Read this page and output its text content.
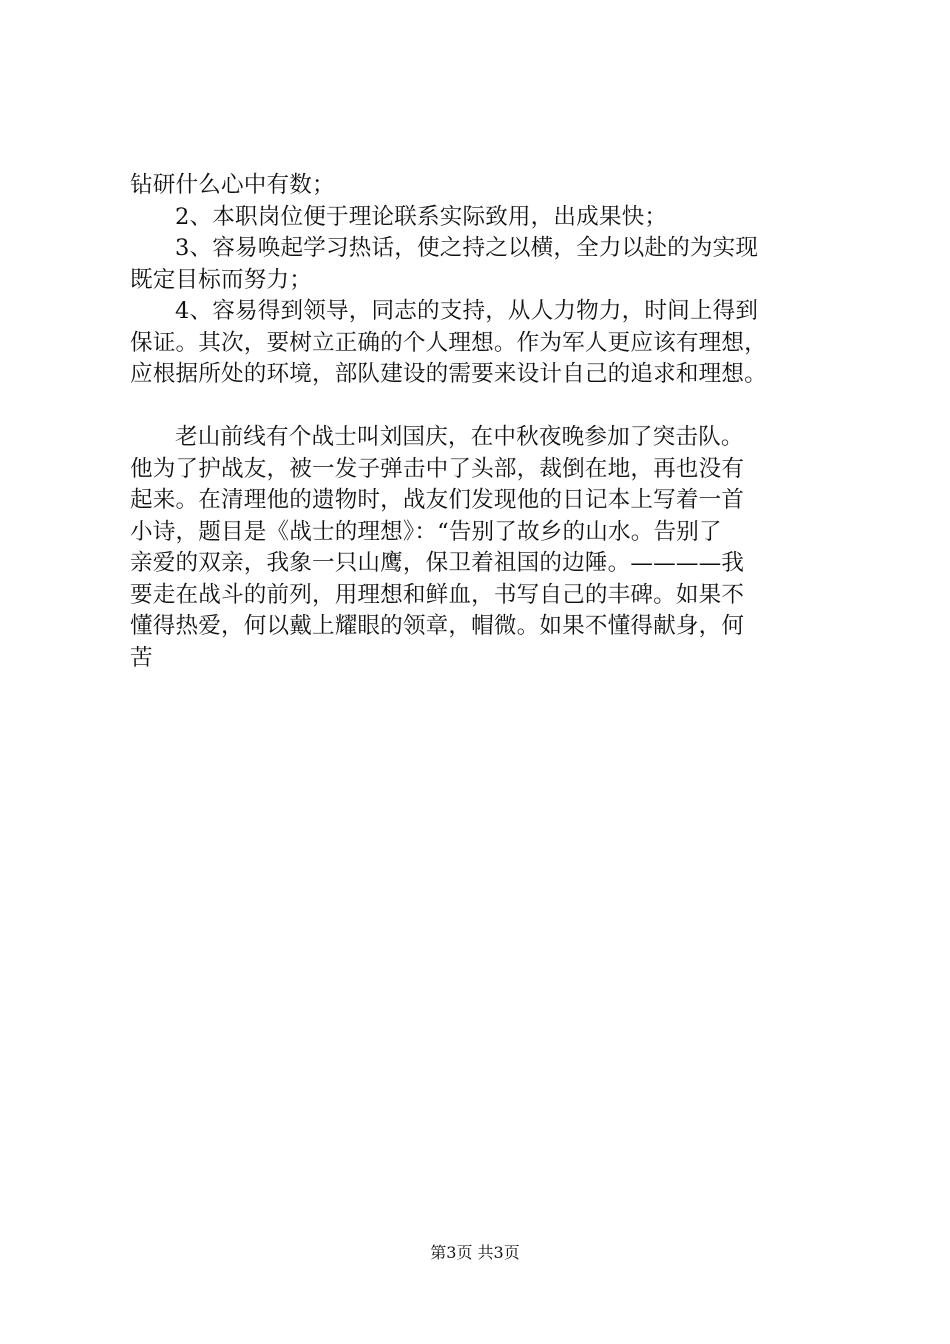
钻研什么心中有数；
2、本职岗位便于理论联系实际致用，出成果快；
3、容易唤起学习热话，使之持之以横，全力以赴的为实现
既定目标而努力；
4、容易得到领导，同志的支持，从人力物力，时间上得到
保证。其次，要树立正确的个人理想。作为军人更应该有理想，
应根据所处的环境，部队建设的需要来设计自己的追求和理想。
老山前线有个战士叫刘国庆，在中秋夜晚参加了突击队。
他为了护战友，被一发子弹击中了头部，裁倒在地，再也没有
起来。在清理他的遗物时，战友们发现他的日记本上写着一首
小诗，题目是《战士的理想》：“告别了故乡的山水。告别了
亲爱的双亲，我象一只山鹰，保卫着祖国的边陲。————我
要走在战斗的前列，用理想和鲜血，书写自己的丰碑。如果不
懂得热爱，何以戴上耀眼的领章，帽微。如果不懂得献身，何
苦
第3页 共3页
